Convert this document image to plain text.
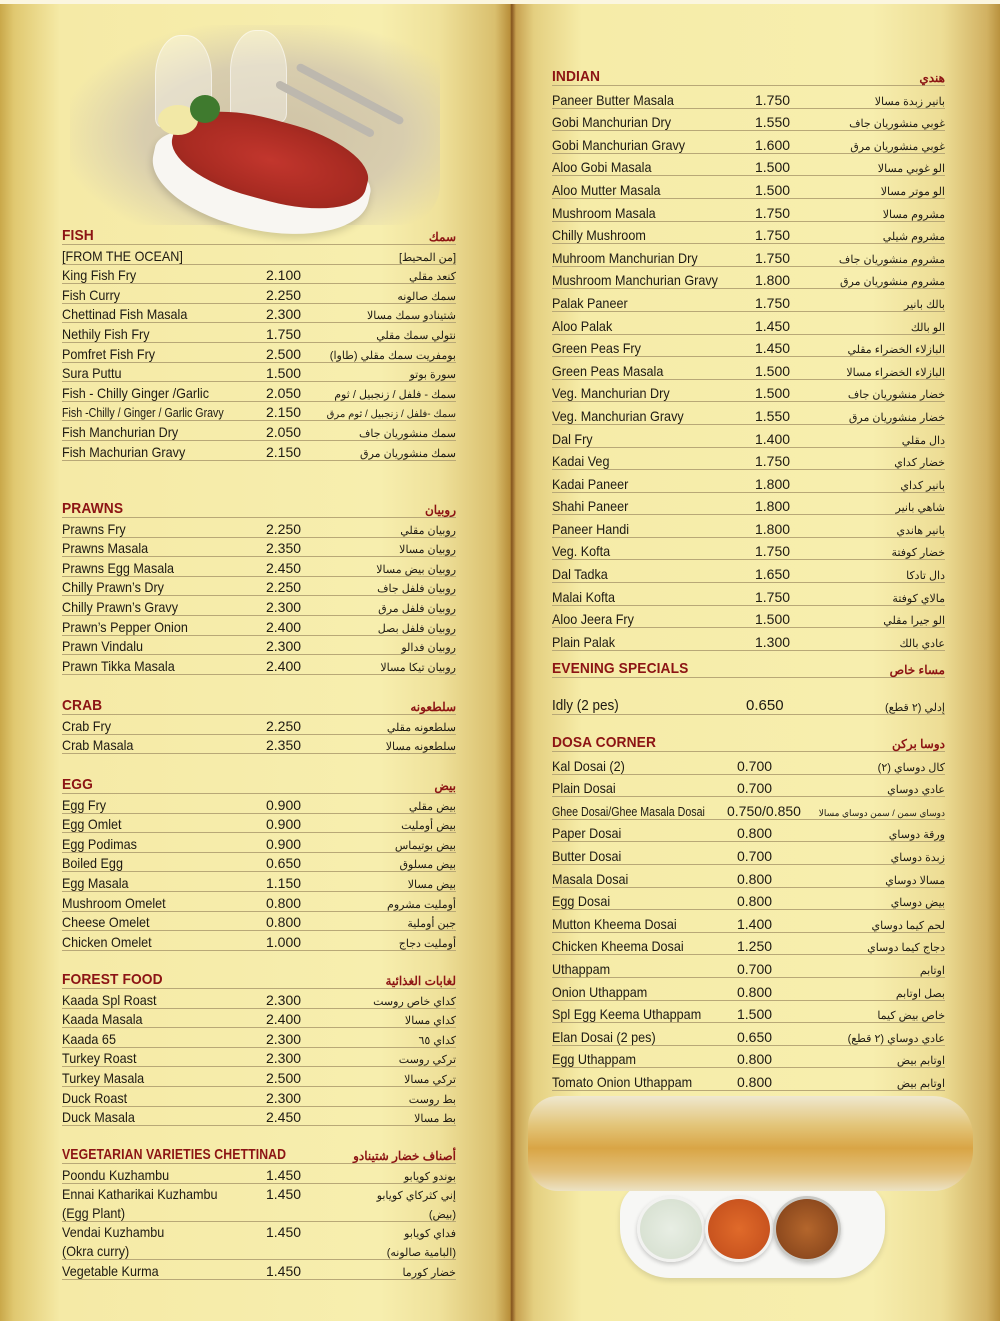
FISH	سمك
[FROM THE OCEAN]	[من المحيط]
King Fish Fry	2.100	كنعد مقلي
Fish Curry	2.250	سمك صالونه
Chettinad Fish Masala	2.300	شتينادو سمك مسالا
Nethily Fish Fry	1.750	نتولي سمك مقلي
Pomfret Fish Fry	2.500	بومفريت سمك مقلي (طاوا)
Sura Puttu	1.500	سورة بوتو
Fish - Chilly Ginger /Garlic	2.050	سمك - فلفل / زنجبيل / ثوم
Fish -Chilly / Ginger / Garlic Gravy	2.150	سمك -فلفل / زنجبيل / ثوم مرق
Fish Manchurian Dry	2.050	سمك منشوريان جاف
Fish Machurian Gravy	2.150	سمك منشوريان مرق
PRAWNS	روبيان
Prawns Fry	2.250	روبيان مقلي
Prawns Masala	2.350	روبيان مسالا
Prawns Egg Masala	2.450	روبيان بيض مسالا
Chilly Prawn’s Dry	2.250	روبيان فلفل جاف
Chilly Prawn’s Gravy	2.300	روبيان فلفل مرق
Prawn’s Pepper Onion	2.400	روبيان فلفل بصل
Prawn Vindalu	2.300	روبيان فدالو
Prawn Tikka Masala	2.400	روبيان تيكا مسالا
CRAB	سلطعونه
Crab Fry	2.250	سلطعونه مقلي
Crab Masala	2.350	سلطعونه مسالا
EGG	بيض
Egg Fry	0.900	بيض مقلي
Egg Omlet	0.900	بيض أومليت
Egg Podimas	0.900	بيض بوتيماس
Boiled Egg	0.650	بيض مسلوق
Egg Masala	1.150	بيض مسالا
Mushroom Omelet	0.800	أومليت مشروم
Cheese Omelet	0.800	جبن أوملية
Chicken Omelet	1.000	أومليت دجاج
FOREST FOOD	لغابات الغذائية
Kaada Spl Roast	2.300	كداي خاص روست
Kaada Masala	2.400	كداي مسالا
Kaada 65	2.300	كداي ٦٥
Turkey Roast	2.300	تركي روست
Turkey Masala	2.500	تركي مسالا
Duck Roast	2.300	بط روست
Duck Masala	2.450	بط مسالا
VEGETARIAN VARIETIES CHETTINAD	أصناف خضار شتينادو
Poondu Kuzhambu	1.450	بوندو كويابو
Ennai Katharikai Kuzhambu	1.450	إني كثركاي كويابو
(Egg Plant)	(بيض)
Vendai Kuzhambu	1.450	فداي كويابو
(Okra curry)	(البامية صالونه)
Vegetable Kurma	1.450	خضار كورما
INDIAN	هندي
Paneer Butter Masala	1.750	بانير زبدة مسالا
Gobi Manchurian Dry	1.550	غوبي منشوريان جاف
Gobi Manchurian Gravy	1.600	غوبي منشوريان مرق
Aloo Gobi Masala	1.500	الو غوبي مسالا
Aloo Mutter Masala	1.500	الو موتر مسالا
Mushroom Masala	1.750	مشروم مسالا
Chilly Mushroom	1.750	مشروم شيلي
Muhroom Manchurian Dry	1.750	مشروم منشوريان جاف
Mushroom Manchurian Gravy	1.800	مشروم منشوريان مرق
Palak Paneer	1.750	بالك بانير
Aloo Palak	1.450	الو بالك
Green Peas Fry	1.450	البازلاء الخضراء مقلي
Green Peas Masala	1.500	البازلاء الخضراء مسالا
Veg. Manchurian Dry	1.500	خضار منشوريان جاف
Veg. Manchurian Gravy	1.550	خضار منشوريان مرق
Dal Fry	1.400	دال مقلي
Kadai Veg	1.750	خضار كداي
Kadai Paneer	1.800	بانير كداي
Shahi Paneer	1.800	شاهي بانير
Paneer Handi	1.800	بانير هاندي
Veg. Kofta	1.750	خضار كوفتة
Dal Tadka	1.650	دال تادكا
Malai Kofta	1.750	مالاي كوفتة
Aloo Jeera Fry	1.500	الو جيرا مقلي
Plain Palak	1.300	عادي بالك
EVENING SPECIALS	مساء خاص
Idly (2 pes)	0.650	إدلي (٢ قطع)
DOSA CORNER	دوسا بركن
Kal Dosai (2)	0.700	كال دوساي (٢)
Plain Dosai	0.700	عادي دوساي
Ghee Dosai/Ghee Masala Dosai 0.750/0.850 دوساي سمن / سمن دوساي مسالا
Paper Dosai	0.800	ورقة دوساي
Butter Dosai	0.700	زبدة دوساي
Masala Dosai	0.800	مسالا دوساي
Egg Dosai	0.800	بيض دوساي
Mutton Kheema Dosai	1.400	لحم كيما دوساي
Chicken Kheema Dosai	1.250	دجاج كيما دوساي
Uthappam	0.700	اوتابم
Onion Uthappam	0.800	بصل اوتابم
Spl Egg Keema Uthappam	1.500	خاص بيض كيما
Elan Dosai (2 pes)	0.650	عادي دوساي (٢ قطع)
Egg Uthappam	0.800	اوتابم بيض
Tomato Onion Uthappam	0.800	اوتابم بيض
